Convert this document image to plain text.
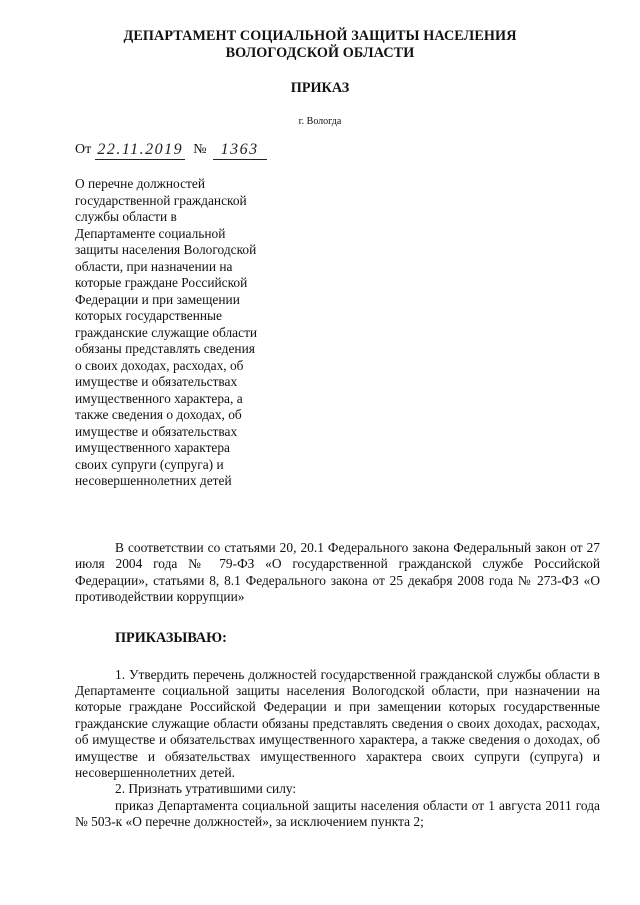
ДЕПАРТАМЕНТ СОЦИАЛЬНОЙ ЗАЩИТЫ НАСЕЛЕНИЯ
ВОЛОГОДСКОЙ ОБЛАСТИ
ПРИКАЗ
г. Вологда
От 22.11.2019 № 1363
О перечне должностей
государственной гражданской
службы области в
Департаменте социальной
защиты населения Вологодской
области, при назначении на
которые граждане Российской
Федерации и при замещении
которых государственные
гражданские служащие области
обязаны представлять сведения
о своих доходах, расходах, об
имуществе и обязательствах
имущественного характера, а
также сведения о доходах, об
имуществе и обязательствах
имущественного характера
своих супруги (супруга) и
несовершеннолетних детей

В соответствии со статьями 20, 20.1 Федерального закона Федеральный закон от 27 июля 2004 года № 79-ФЗ «О государственной гражданской службе Российской Федерации», статьями 8, 8.1 Федерального закона от 25 декабря 2008 года № 273-ФЗ «О противодействии коррупции»

ПРИКАЗЫВАЮ:

1. Утвердить перечень должностей государственной гражданской службы области в Департаменте социальной защиты населения Вологодской области, при назначении на которые граждане Российской Федерации и при замещении которых государственные гражданские служащие области обязаны представлять сведения о своих доходах, расходах, об имуществе и обязательствах имущественного характера, а также сведения о доходах, об имуществе и обязательствах имущественного характера своих супруги (супруга) и несовершеннолетних детей.

2. Признать утратившими силу:

приказ Департамента социальной защиты населения области от 1 августа 2011 года № 503-к «О перечне должностей», за исключением пункта 2;
